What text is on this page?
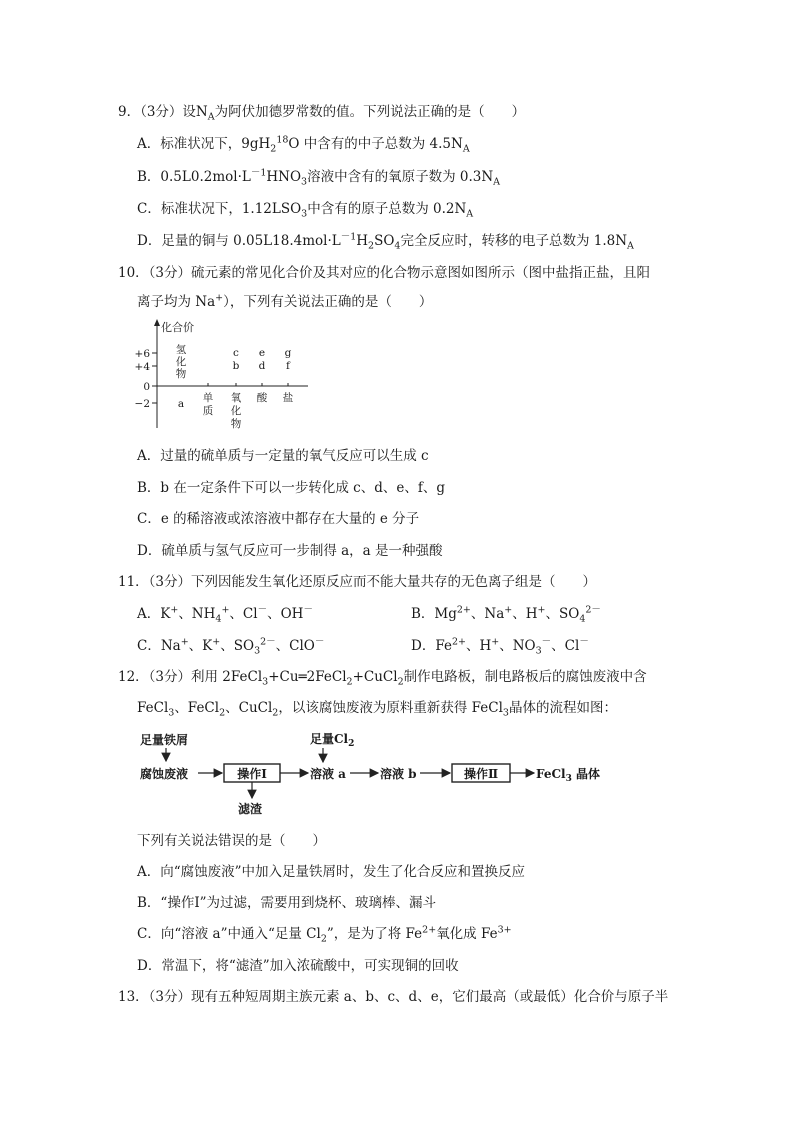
9．（3分）设$N_A$为阿伏加德罗常数的值。下列说法正确的是（　　）
A．标准状况下，$9gH_2^{18}O$ 中含有的中子总数为 $4.5N_A$
B．$0.5L0.2mol\cdot L^{-1}HNO_3$溶液中含有的氧原子数为 $0.3N_A$
C．标准状况下，$1.12LSO_3$中含有的原子总数为 $0.2N_A$
D．足量的铜与 $0.05L18.4mol\cdot L^{-1}H_2SO_4$完全反应时，转移的电子总数为 $1.8N_A$
10．（3分）硫元素的常见化合价及其对应的化合物示意图如图所示（图中盐指正盐，且阳
离子均为 Na+），下列有关说法正确的是（　　）
化合价
+6
+4
0
−2
氢
化
物
a
c
b
e
d
g
f
单
质
氧
化
物
酸 盐
A．过量的硫单质与一定量的氧气反应可以生成 c
B．b 在一定条件下可以一步转化成 c、d、e、f、g
C．e 的稀溶液或浓溶液中都存在大量的 e 分子
D．硫单质与氢气反应可一步制得 a，a 是一种强酸
11．（3分）下列因能发生氧化还原反应而不能大量共存的无色离子组是（　　）
A．K+、$NH_4^+$、Cl－、OH－	B．$Mg^{2+}$、Na+、H+、$SO_4^{2-}$
C．Na+、K+、$SO_3^{2-}$、ClO－	D．$Fe^{2+}$、H+、$NO_3^-$、Cl－
12．（3分）利用 2FeCl$_3$+Cu═2FeCl$_2$+CuCl$_2$制作电路板，制电路板后的腐蚀废液中含
FeCl$_3$、FeCl$_2$、CuCl$_2$，以该腐蚀废液为原料重新获得 FeCl$_3$晶体的流程如图：
足量铁屑
腐蚀废液	操作Ⅰ
滤渣
足量$Cl_2$
溶液 a	溶液 b	操作Ⅱ	FeCl$_3$ 晶体
下列有关说法错误的是（　　）
A．向“腐蚀废液”中加入足量铁屑时，发生了化合反应和置换反应
B．“操作Ⅰ”为过滤，需要用到烧杯、玻璃棒、漏斗
C．向“溶液 a”中通入“足量 $Cl_2$”，是为了将 $Fe^{2+}$氧化成 $Fe^{3+}$
D．常温下，将“滤渣”加入浓硫酸中，可实现铜的回收
13．（3分）现有五种短周期主族元素 a、b、c、d、e，它们最高（或最低）化合价与原子半
